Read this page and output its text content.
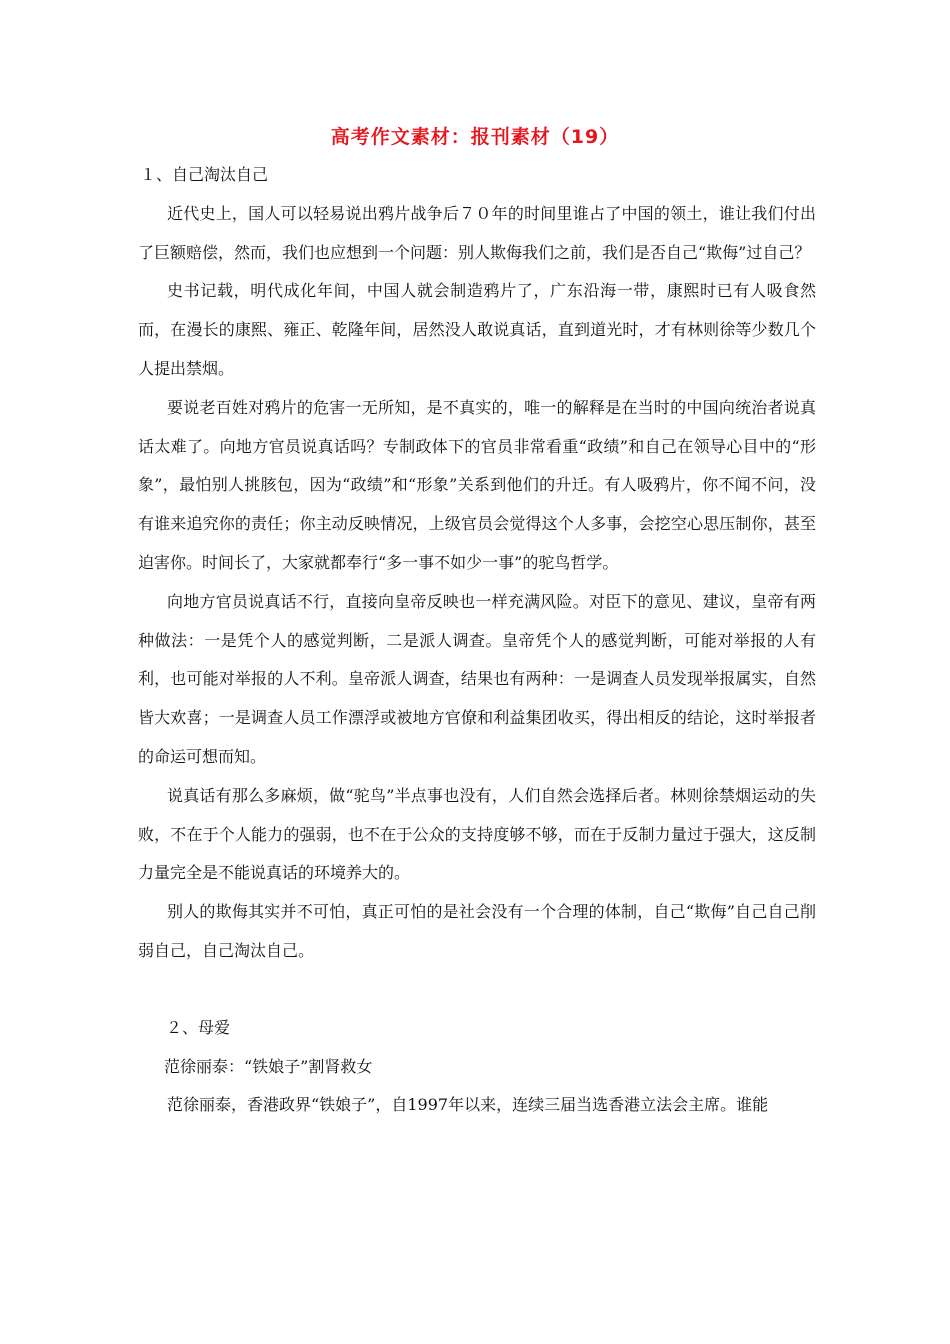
高考作文素材：报刊素材（19）

１、自己淘汰自己

近代史上，国人可以轻易说出鸦片战争后７０年的时间里谁占了中国的领土，谁让我们付出了巨额赔偿，然而，我们也应想到一个问题：别人欺侮我们之前，我们是否自己“欺侮”过自己？

史书记载，明代成化年间，中国人就会制造鸦片了，广东沿海一带，康熙时已有人吸食然而，在漫长的康熙、雍正、乾隆年间，居然没人敢说真话，直到道光时，才有林则徐等少数几个人提出禁烟。

要说老百姓对鸦片的危害一无所知，是不真实的，唯一的解释是在当时的中国向统治者说真话太难了。向地方官员说真话吗？专制政体下的官员非常看重“政绩”和自己在领导心目中的“形象”，最怕别人挑胲包，因为“政绩”和“形象”关系到他们的升迁。有人吸鸦片，你不闻不问，没有谁来追究你的责任；你主动反映情况，上级官员会觉得这个人多事，会挖空心思压制你，甚至迫害你。时间长了，大家就都奉行“多一事不如少一事”的驼鸟哲学。

向地方官员说真话不行，直接向皇帝反映也一样充满风险。对臣下的意见、建议，皇帝有两种做法：一是凭个人的感觉判断，二是派人调查。皇帝凭个人的感觉判断，可能对举报的人有利，也可能对举报的人不利。皇帝派人调查，结果也有两种：一是调查人员发现举报属实，自然皆大欢喜；一是调查人员工作漂浮或被地方官僚和利益集团收买，得出相反的结论，这时举报者的命运可想而知。

说真话有那么多麻烦，做“驼鸟”半点事也没有，人们自然会选择后者。林则徐禁烟运动的失败，不在于个人能力的强弱，也不在于公众的支持度够不够，而在于反制力量过于强大，这反制力量完全是不能说真话的环境养大的。

别人的欺侮其实并不可怕，真正可怕的是社会没有一个合理的体制，自己“欺侮”自己自己削弱自己，自己淘汰自己。

２、母爱

范徐丽泰：“铁娘子”割肾救女

范徐丽泰，香港政界“铁娘子”，自1997年以来，连续三届当选香港立法会主席。谁能
